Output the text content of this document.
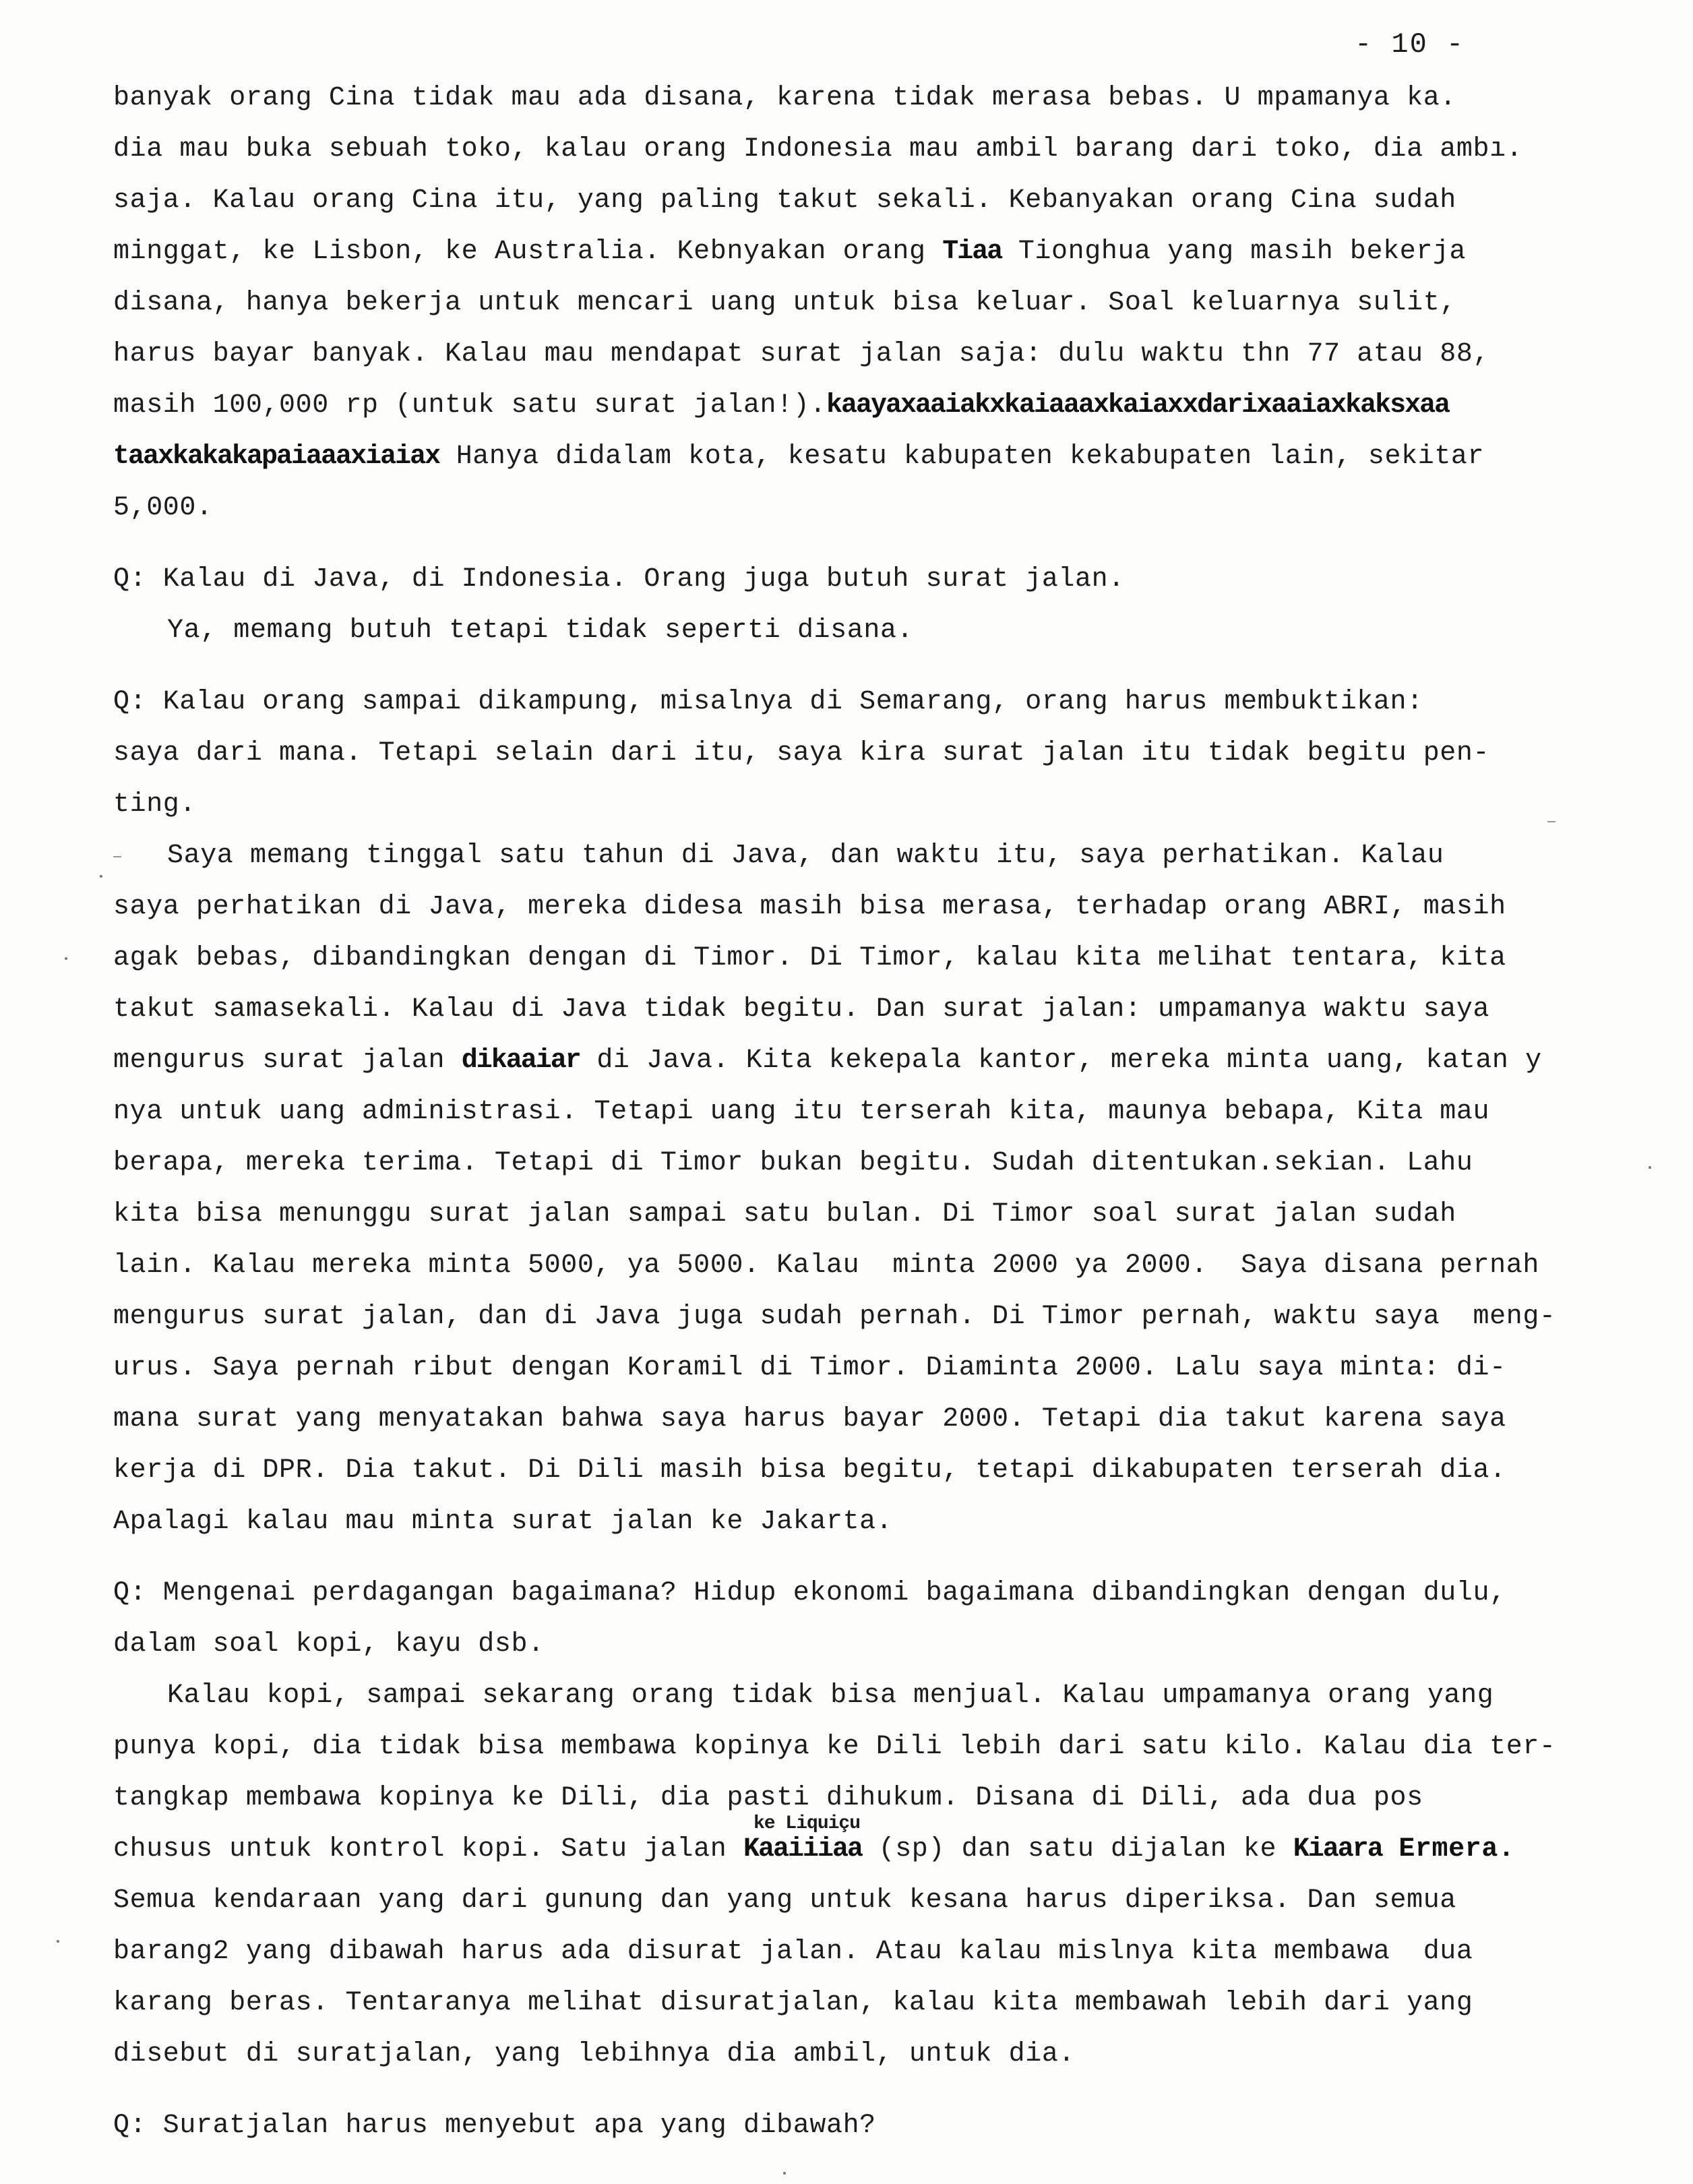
- 10 -
banyak orang Cina tidak mau ada disana, karena tidak merasa bebas. U mpamanya ka.
dia mau buka sebuah toko, kalau orang Indonesia mau ambil barang dari toko, dia ambı.
saja. Kalau orang Cina itu, yang paling takut sekali. Kebanyakan orang Cina sudah
minggat, ke Lisbon, ke Australia. Kebnyakan orang Tiaa Tionghua yang masih bekerja
disana, hanya bekerja untuk mencari uang untuk bisa keluar. Soal keluarnya sulit,
harus bayar banyak. Kalau mau mendapat surat jalan saja: dulu waktu thn 77 atau 88,
masih 100,000 rp (untuk satu surat jalan!).kaayaxaaiakxkaiaaaxkaiaxxdarixaaiaxkaksxaa
taaxkakakapaiaaaxiaiax Hanya didalam kota, kesatu kabupaten kekabupaten lain, sekitar
5,000.
Q: Kalau di Java, di Indonesia. Orang juga butuh surat jalan.
Ya, memang butuh tetapi tidak seperti disana.
Q: Kalau orang sampai dikampung, misalnya di Semarang, orang harus membuktikan:
saya dari mana. Tetapi selain dari itu, saya kira surat jalan itu tidak begitu pen-
ting.
Saya memang tinggal satu tahun di Java, dan waktu itu, saya perhatikan. Kalau
saya perhatikan di Java, mereka didesa masih bisa merasa, terhadap orang ABRI, masih
agak bebas, dibandingkan dengan di Timor. Di Timor, kalau kita melihat tentara, kita
takut samasekali. Kalau di Java tidak begitu. Dan surat jalan: umpamanya waktu saya
mengurus surat jalan dikaaiar di Java. Kita kekepala kantor, mereka minta uang, katan y
nya untuk uang administrasi. Tetapi uang itu terserah kita, maunya bebapa, Kita mau
berapa, mereka terima. Tetapi di Timor bukan begitu. Sudah ditentukan.sekian. Lahu
kita bisa menunggu surat jalan sampai satu bulan. Di Timor soal surat jalan sudah
lain. Kalau mereka minta 5000, ya 5000. Kalau  minta 2000 ya 2000.  Saya disana pernah
mengurus surat jalan, dan di Java juga sudah pernah. Di Timor pernah, waktu saya  meng-
urus. Saya pernah ribut dengan Koramil di Timor. Diaminta 2000. Lalu saya minta: di-
mana surat yang menyatakan bahwa saya harus bayar 2000. Tetapi dia takut karena saya
kerja di DPR. Dia takut. Di Dili masih bisa begitu, tetapi dikabupaten terserah dia.
Apalagi kalau mau minta surat jalan ke Jakarta.
Q: Mengenai perdagangan bagaimana? Hidup ekonomi bagaimana dibandingkan dengan dulu,
dalam soal kopi, kayu dsb.
Kalau kopi, sampai sekarang orang tidak bisa menjual. Kalau umpamanya orang yang
punya kopi, dia tidak bisa membawa kopinya ke Dili lebih dari satu kilo. Kalau dia ter-
tangkap membawa kopinya ke Dili, dia pasti dihukum. Disana di Dili, ada dua pos
ke Liquiçu
chusus untuk kontrol kopi. Satu jalan Kaaiiiaa (sp) dan satu dijalan ke Kiaara Ermera.
Semua kendaraan yang dari gunung dan yang untuk kesana harus diperiksa. Dan semua
barang2 yang dibawah harus ada disurat jalan. Atau kalau mislnya kita membawa  dua
karang beras. Tentaranya melihat disuratjalan, kalau kita membawah lebih dari yang
disebut di suratjalan, yang lebihnya dia ambil, untuk dia.
Q: Suratjalan harus menyebut apa yang dibawah?
